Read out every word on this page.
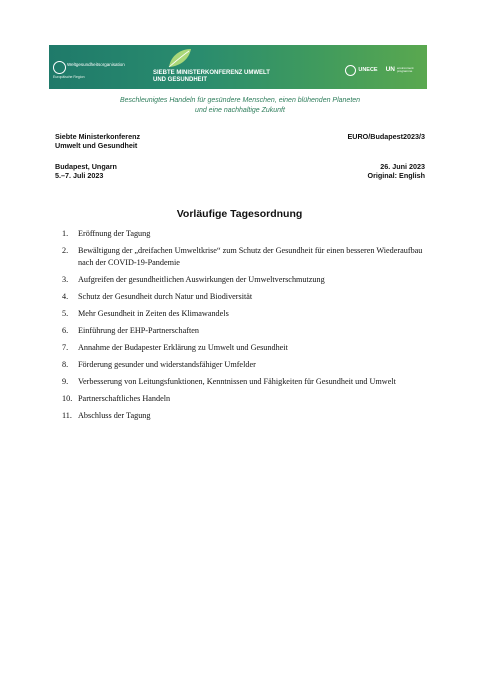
Weltgesundheitsorganisation
Europäische Region
SIEBTE MINISTERKONFERENZ UMWELT
UND GESUNDHEIT
UNECE UN environment programme
Beschleunigtes Handeln für gesündere Menschen, einen blühenden Planeten
und eine nachhaltige Zukunft
Siebte Ministerkonferenz
Umwelt und Gesundheit
EURO/Budapest2023/3
Budapest, Ungarn
5.–7. Juli 2023
26. Juni 2023
Original: English
Vorläufige Tagesordnung
1. Eröffnung der Tagung
2. Bewältigung der „dreifachen Umweltkrise“ zum Schutz der Gesundheit für einen besseren Wiederaufbau nach der COVID-19-Pandemie
3. Aufgreifen der gesundheitlichen Auswirkungen der Umweltverschmutzung
4. Schutz der Gesundheit durch Natur und Biodiversität
5. Mehr Gesundheit in Zeiten des Klimawandels
6. Einführung der EHP-Partnerschaften
7. Annahme der Budapester Erklärung zu Umwelt und Gesundheit
8. Förderung gesunder und widerstandsfähiger Umfelder
9. Verbesserung von Leitungsfunktionen, Kenntnissen und Fähigkeiten für Gesundheit und Umwelt
10. Partnerschaftliches Handeln
11. Abschluss der Tagung
